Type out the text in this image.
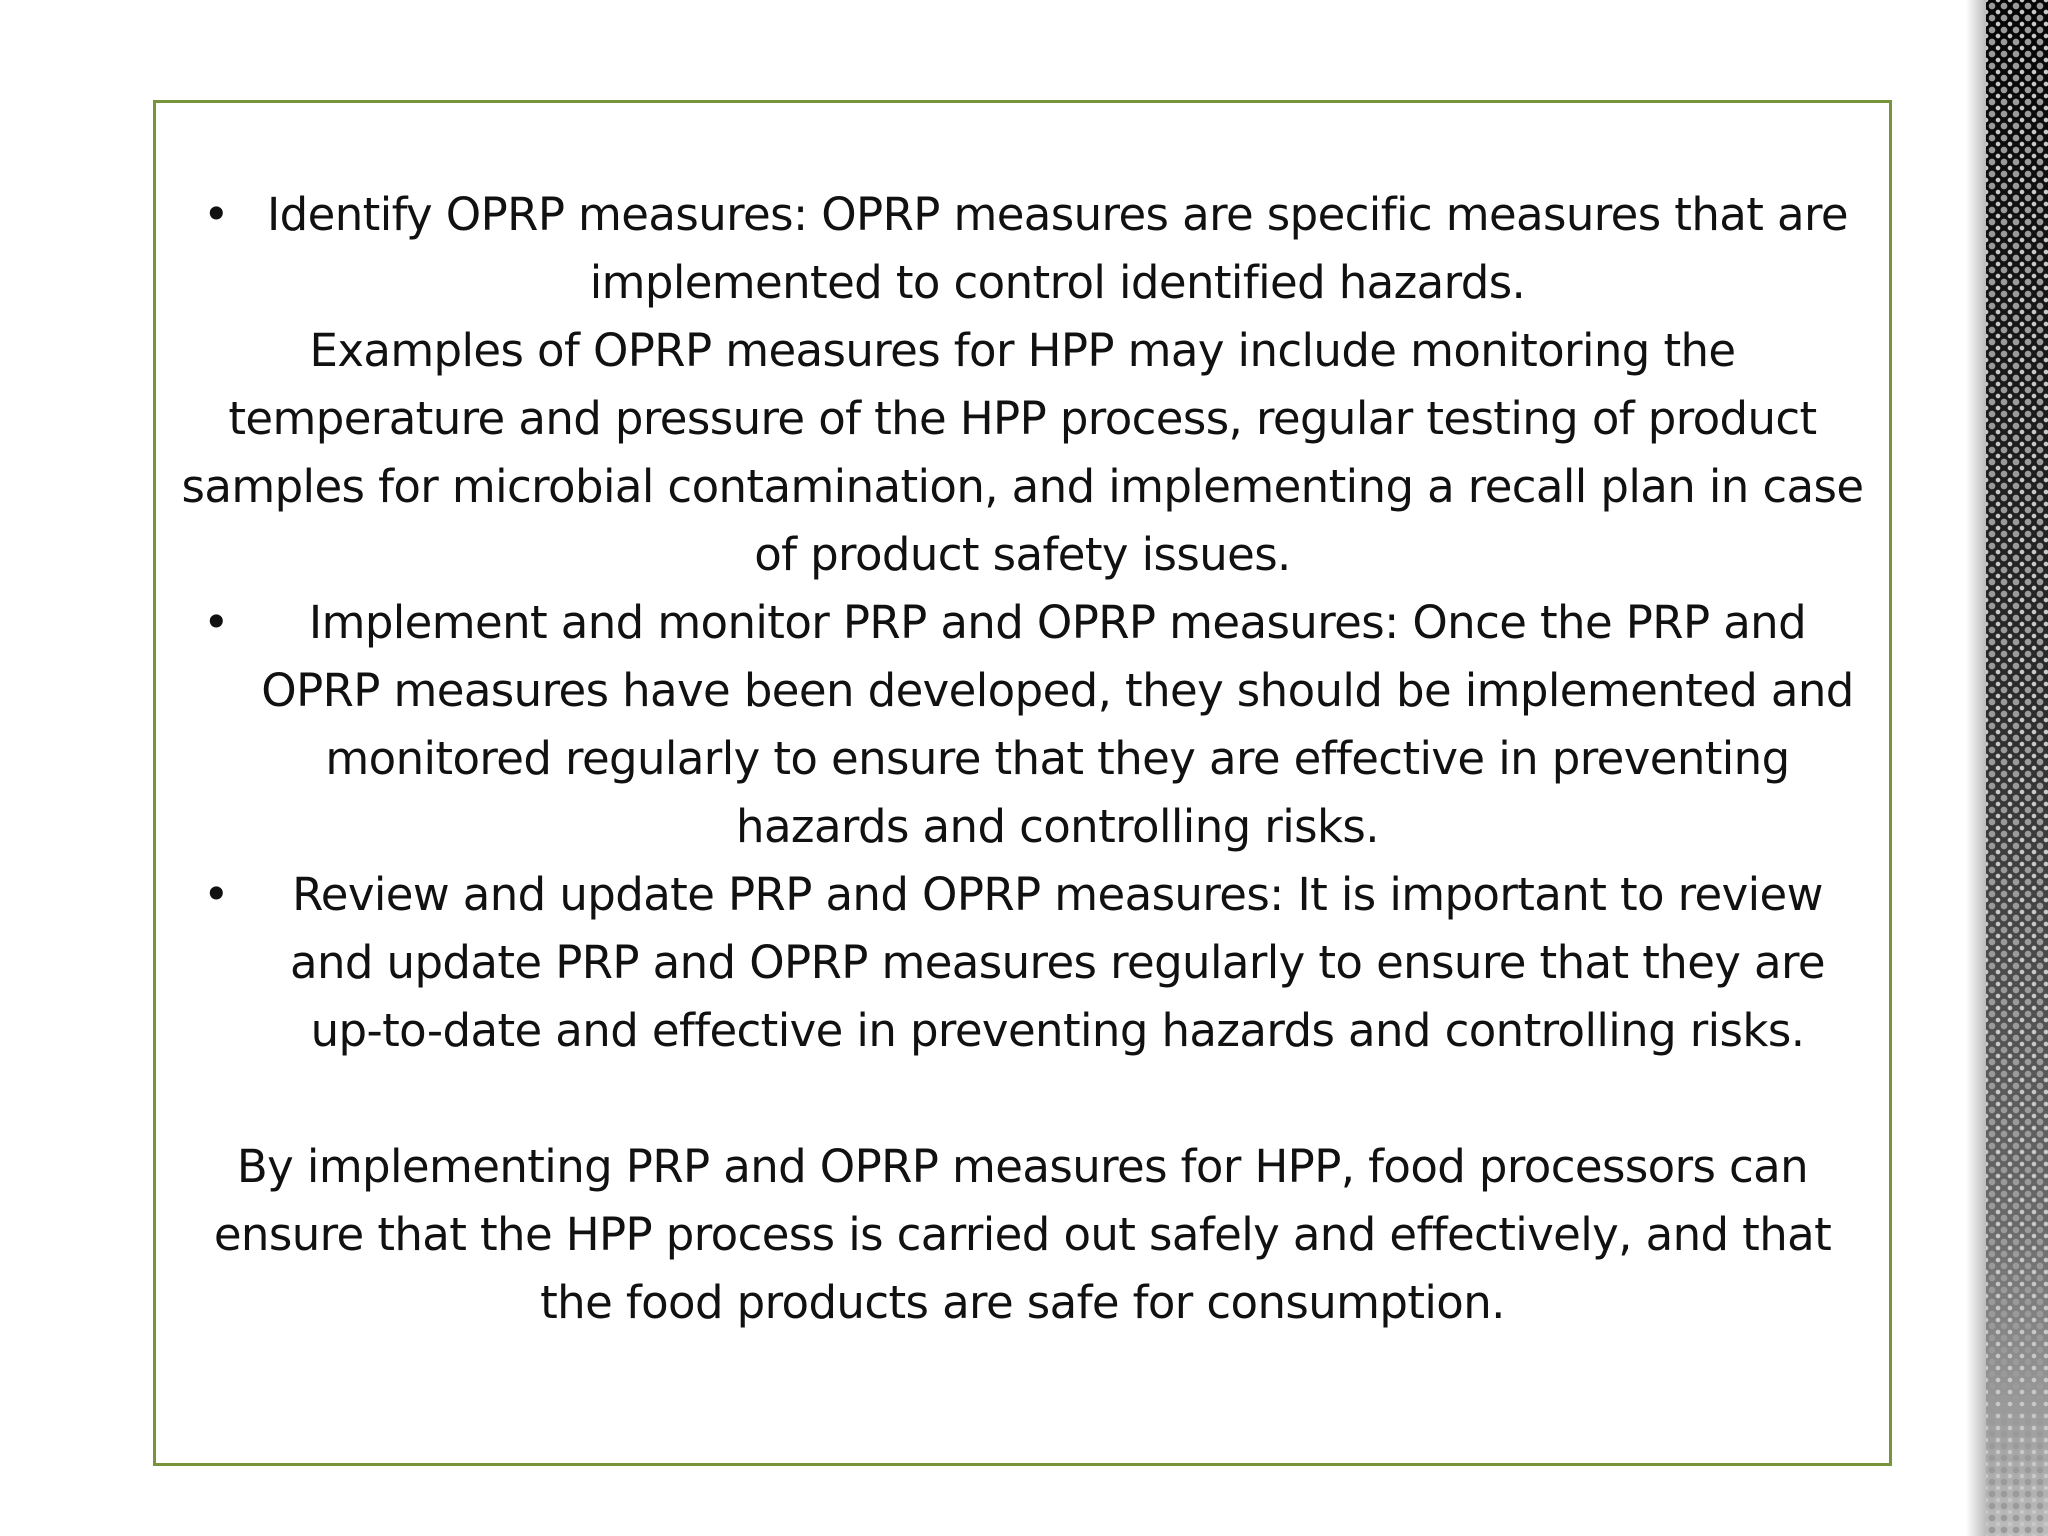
• Identify OPRP measures: OPRP measures are specific measures that are implemented to control identified hazards.

Examples of OPRP measures for HPP may include monitoring the temperature and pressure of the HPP process, regular testing of product samples for microbial contamination, and implementing a recall plan in case of product safety issues.

•	Implement and monitor PRP and OPRP measures: Once the PRP and OPRP measures have been developed, they should be implemented and monitored regularly to ensure that they are effective in preventing hazards and controlling risks.
•	Review and update PRP and OPRP measures: It is important to review and update PRP and OPRP measures regularly to ensure that they are up-to-date and effective in preventing hazards and controlling risks.

By implementing PRP and OPRP measures for HPP, food processors can ensure that the HPP process is carried out safely and effectively, and that the food products are safe for consumption.
